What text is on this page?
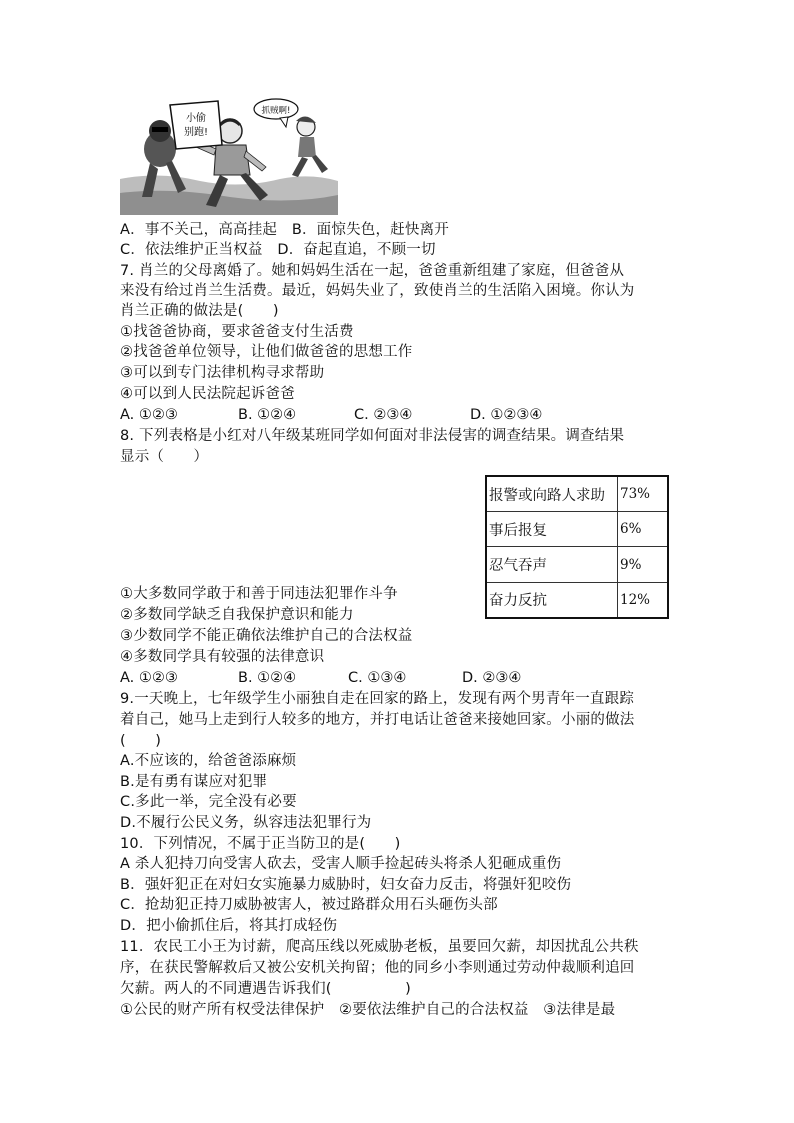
小偷
别跑!
抓贼啊!
A．事不关己，高高挂起　B．面惊失色，赶快离开
C．依法维护正当权益　D．奋起直追，不顾一切
7. 肖兰的父母离婚了。她和妈妈生活在一起，爸爸重新组建了家庭，但爸爸从
来没有给过肖兰生活费。最近，妈妈失业了，致使肖兰的生活陷入困境。你认为
肖兰正确的做法是(　　)
①找爸爸协商，要求爸爸支付生活费
②找爸爸单位领导，让他们做爸爸的思想工作
③可以到专门法律机构寻求帮助
④可以到人民法院起诉爸爸
A. ①②③	B. ①②④	C. ②③④	D. ①②③④
8. 下列表格是小红对八年级某班同学如何面对非法侵害的调查结果。调查结果
显示（　　）
报警或向路人求助	73%
事后报复	6%
忍气吞声	9%
奋力反抗	12%
①大多数同学敢于和善于同违法犯罪作斗争
②多数同学缺乏自我保护意识和能力
③少数同学不能正确依法维护自己的合法权益
④多数同学具有较强的法律意识
A. ①②③	B. ①②④	C. ①③④	D. ②③④
9.一天晚上，七年级学生小丽独自走在回家的路上，发现有两个男青年一直跟踪
着自己，她马上走到行人较多的地方，并打电话让爸爸来接她回家。小丽的做法
(　　)
A.不应该的，给爸爸添麻烦
B.是有勇有谋应对犯罪
C.多此一举，完全没有必要
D.不履行公民义务，纵容违法犯罪行为
10．下列情况，不属于正当防卫的是(　　)
A 杀人犯持刀向受害人砍去，受害人顺手捡起砖头将杀人犯砸成重伤
B．强奸犯正在对妇女实施暴力威胁时，妇女奋力反击，将强奸犯咬伤
C．抢劫犯正持刀威胁被害人，被过路群众用石头砸伤头部
D．把小偷抓住后，将其打成轻伤
11．农民工小王为讨薪，爬高压线以死威胁老板，虽要回欠薪，却因扰乱公共秩
序，在获民警解救后又被公安机关拘留；他的同乡小李则通过劳动仲裁顺利追回
欠薪。两人的不同遭遇告诉我们(　　　　　)
①公民的财产所有权受法律保护　②要依法维护自己的合法权益　③法律是最
